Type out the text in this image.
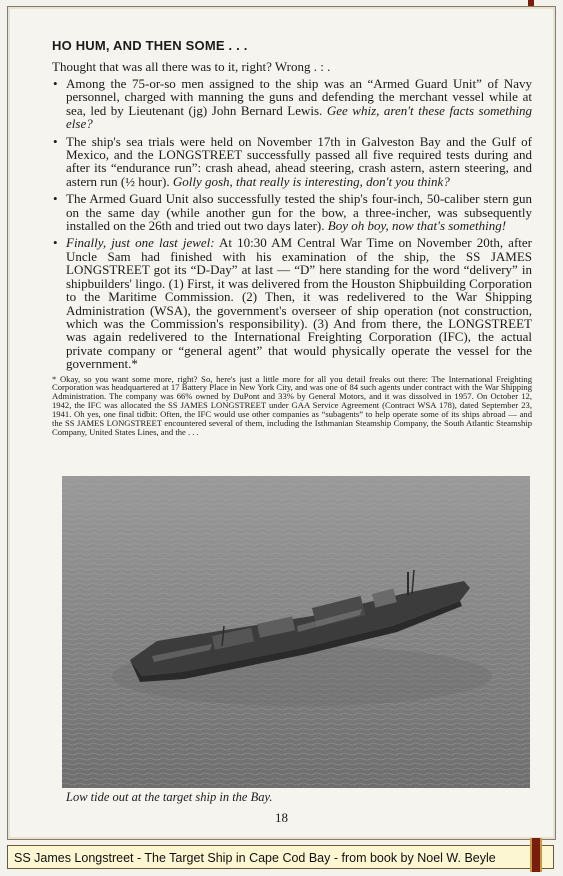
HO HUM, AND THEN SOME . . .
Thought that was all there was to it, right? Wrong . : .
• Among the 75-or-so men assigned to the ship was an “Armed Guard Unit” of Navy personnel, charged with manning the guns and defending the merchant vessel while at sea, led by Lieutenant (jg) John Bernard Lewis. Gee whiz, aren't these facts something else?
• The ship's sea trials were held on November 17th in Galveston Bay and the Gulf of Mexico, and the LONGSTREET successfully passed all five required tests during and after its “endurance run”: crash ahead, ahead steering, crash astern, astern steering, and astern run (½ hour). Golly gosh, that really is interesting, don't you think?
• The Armed Guard Unit also successfully tested the ship's four-inch, 50-caliber stern gun on the same day (while another gun for the bow, a three-incher, was subsequently installed on the 26th and tried out two days later). Boy oh boy, now that's something!
• Finally, just one last jewel: At 10:30 AM Central War Time on November 20th, after Uncle Sam had finished with his examination of the ship, the SS JAMES LONGSTREET got its “D-Day” at last — “D” here standing for the word “delivery” in shipbuilders' lingo. (1) First, it was delivered from the Houston Shipbuilding Corporation to the Maritime Commission. (2) Then, it was redelivered to the War Shipping Administration (WSA), the government's overseer of ship operation (not construction, which was the Commission's responsibility). (3) And from there, the LONGSTREET was again redelivered to the International Freighting Corporation (IFC), the actual private company or “general agent” that would physically operate the vessel for the government.*
* Okay, so you want some more, right? So, here's just a little more for all you detail freaks out there: The International Freighting Corporation was headquartered at 17 Battery Place in New York City, and was one of 84 such agents under contract with the War Shipping Administration. The company was 66% owned by DuPont and 33% by General Motors, and it was dissolved in 1957. On October 12, 1942, the IFC was allocated the SS JAMES LONGSTREET under GAA Service Agreement (Contract WSA 178), dated September 23, 1941. Oh yes, one final tidbit: Often, the IFC would use other companies as “subagents” to help operate some of its ships abroad — and the SS JAMES LONGSTREET encountered several of them, including the Isthmanian Steamship Company, the South Atlantic Steamship Company, United States Lines, and the . . .
Low tide out at the target ship in the Bay.
18
SS James Longstreet - The Target Ship in Cape Cod Bay - from book by Noel W. Beyle
